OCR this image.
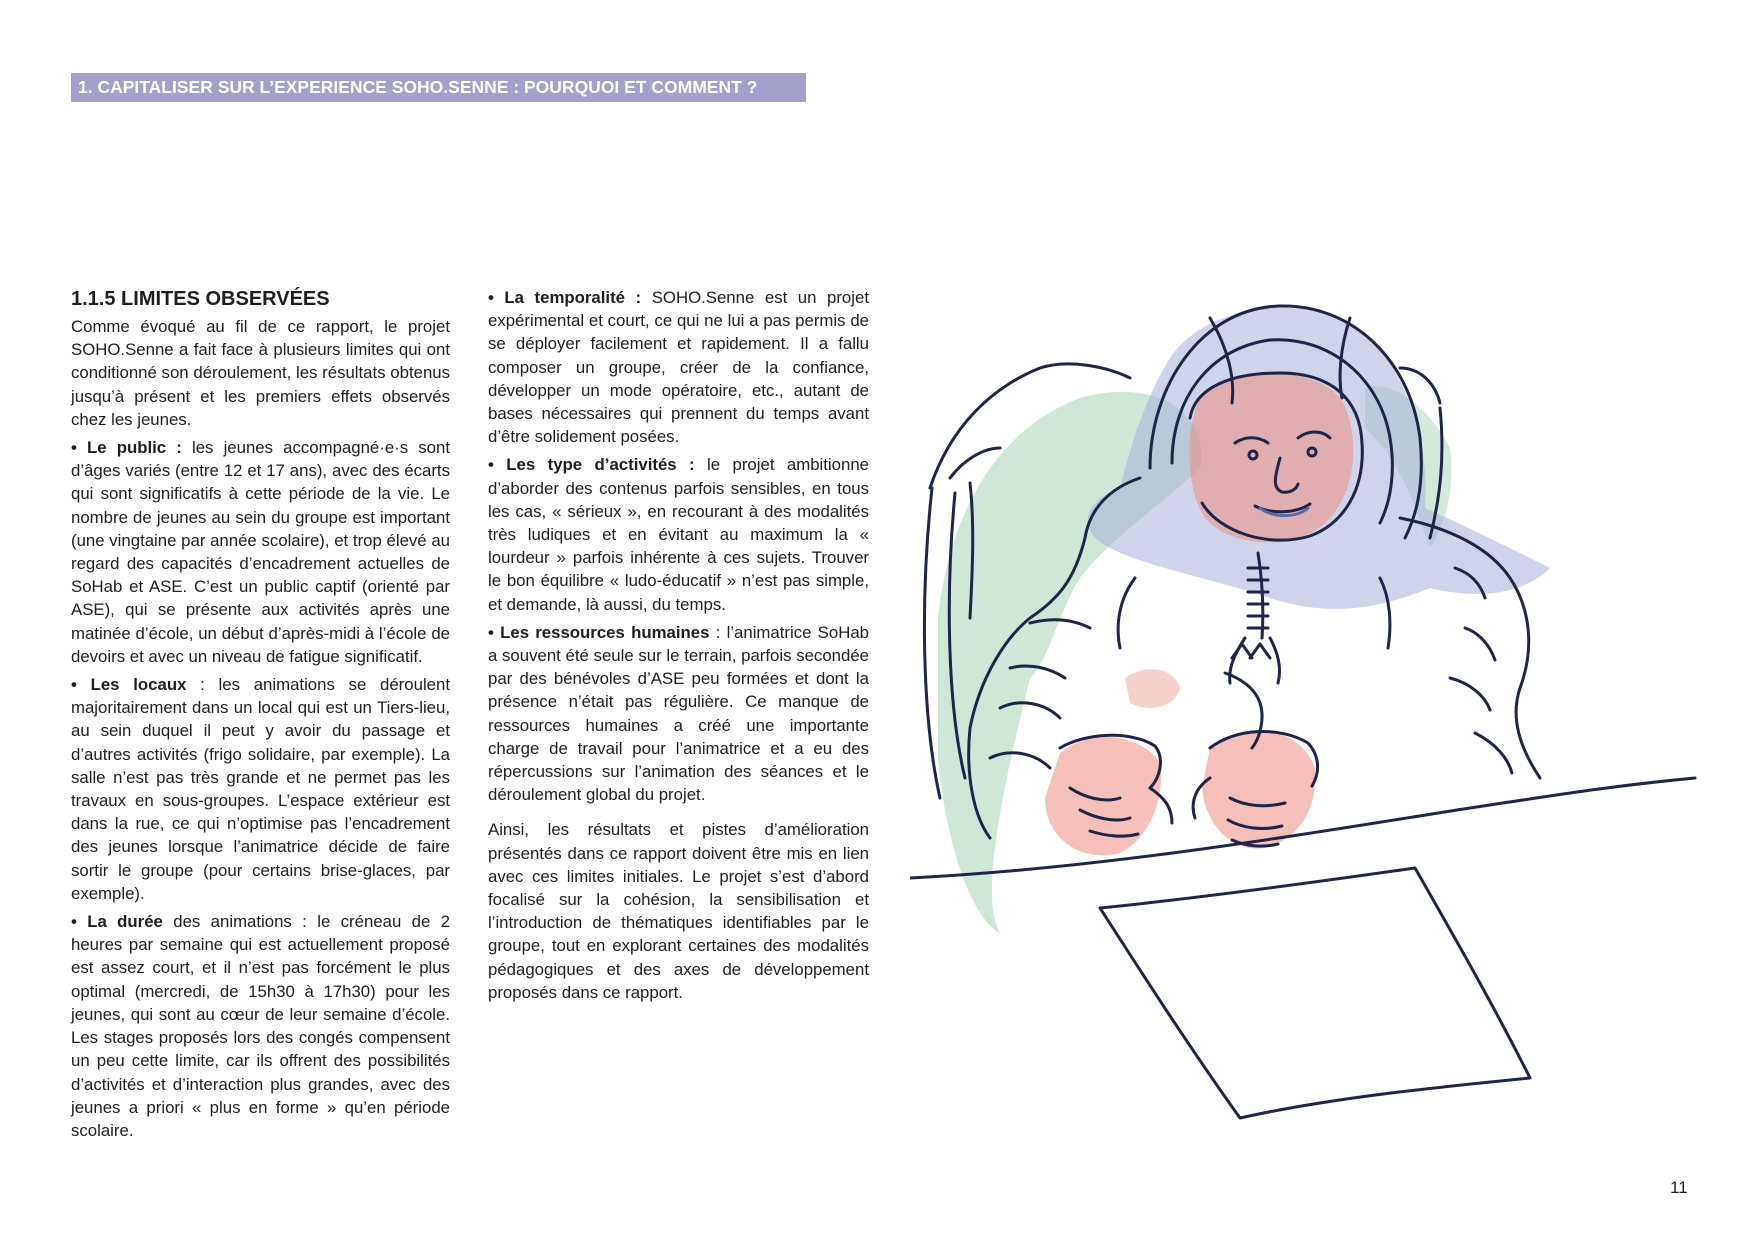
1. CAPITALISER SUR L’EXPERIENCE SOHO.SENNE : POURQUOI ET COMMENT ?
1.1.5 LIMITES OBSERVÉES

Comme évoqué au fil de ce rapport, le projet SOHO.Senne a fait face à plusieurs limites qui ont conditionné son déroulement, les résultats obtenus jusqu’à présent et les premiers effets observés chez les jeunes.

• Le public : les jeunes accompagné·e·s sont d’âges variés (entre 12 et 17 ans), avec des écarts qui sont significatifs à cette période de la vie. Le nombre de jeunes au sein du groupe est important (une vingtaine par année scolaire), et trop élevé au regard des capacités d’encadrement actuelles de SoHab et ASE. C’est un public captif (orienté par ASE), qui se présente aux activités après une matinée d’école, un début d’après-midi à l’école de devoirs et avec un niveau de fatigue significatif.

• Les locaux : les animations se déroulent majoritairement dans un local qui est un Tiers-lieu, au sein duquel il peut y avoir du passage et d’autres activités (frigo solidaire, par exemple). La salle n’est pas très grande et ne permet pas les travaux en sous-groupes. L’espace extérieur est dans la rue, ce qui n’optimise pas l’encadrement des jeunes lorsque l’animatrice décide de faire sortir le groupe (pour certains brise-glaces, par exemple).

• La durée des animations : le créneau de 2 heures par semaine qui est actuellement proposé est assez court, et il n’est pas forcément le plus optimal (mercredi, de 15h30 à 17h30) pour les jeunes, qui sont au cœur de leur semaine d’école. Les stages proposés lors des congés compensent un peu cette limite, car ils offrent des possibilités d’activités et d’interaction plus grandes, avec des jeunes a priori « plus en forme » qu’en période scolaire.

• La temporalité : SOHO.Senne est un projet expérimental et court, ce qui ne lui a pas permis de se déployer facilement et rapidement. Il a fallu composer un groupe, créer de la confiance, développer un mode opératoire, etc., autant de bases nécessaires qui prennent du temps avant d’être solidement posées.

• Les type d’activités : le projet ambitionne d’aborder des contenus parfois sensibles, en tous les cas, « sérieux », en recourant à des modalités très ludiques et en évitant au maximum la « lourdeur » parfois inhérente à ces sujets. Trouver le bon équilibre « ludo-éducatif » n’est pas simple, et demande, là aussi, du temps.

• Les ressources humaines : l’animatrice SoHab a souvent été seule sur le terrain, parfois secondée par des bénévoles d’ASE peu formées et dont la présence n’était pas régulière. Ce manque de ressources humaines a créé une importante charge de travail pour l’animatrice et a eu des répercussions sur l’animation des séances et le déroulement global du projet.

Ainsi, les résultats et pistes d’amélioration présentés dans ce rapport doivent être mis en lien avec ces limites initiales. Le projet s’est d’abord focalisé sur la cohésion, la sensibilisation et l’introduction de thématiques identifiables par le groupe, tout en explorant certaines des modalités pédagogiques et des axes de développement proposés dans ce rapport.

11
